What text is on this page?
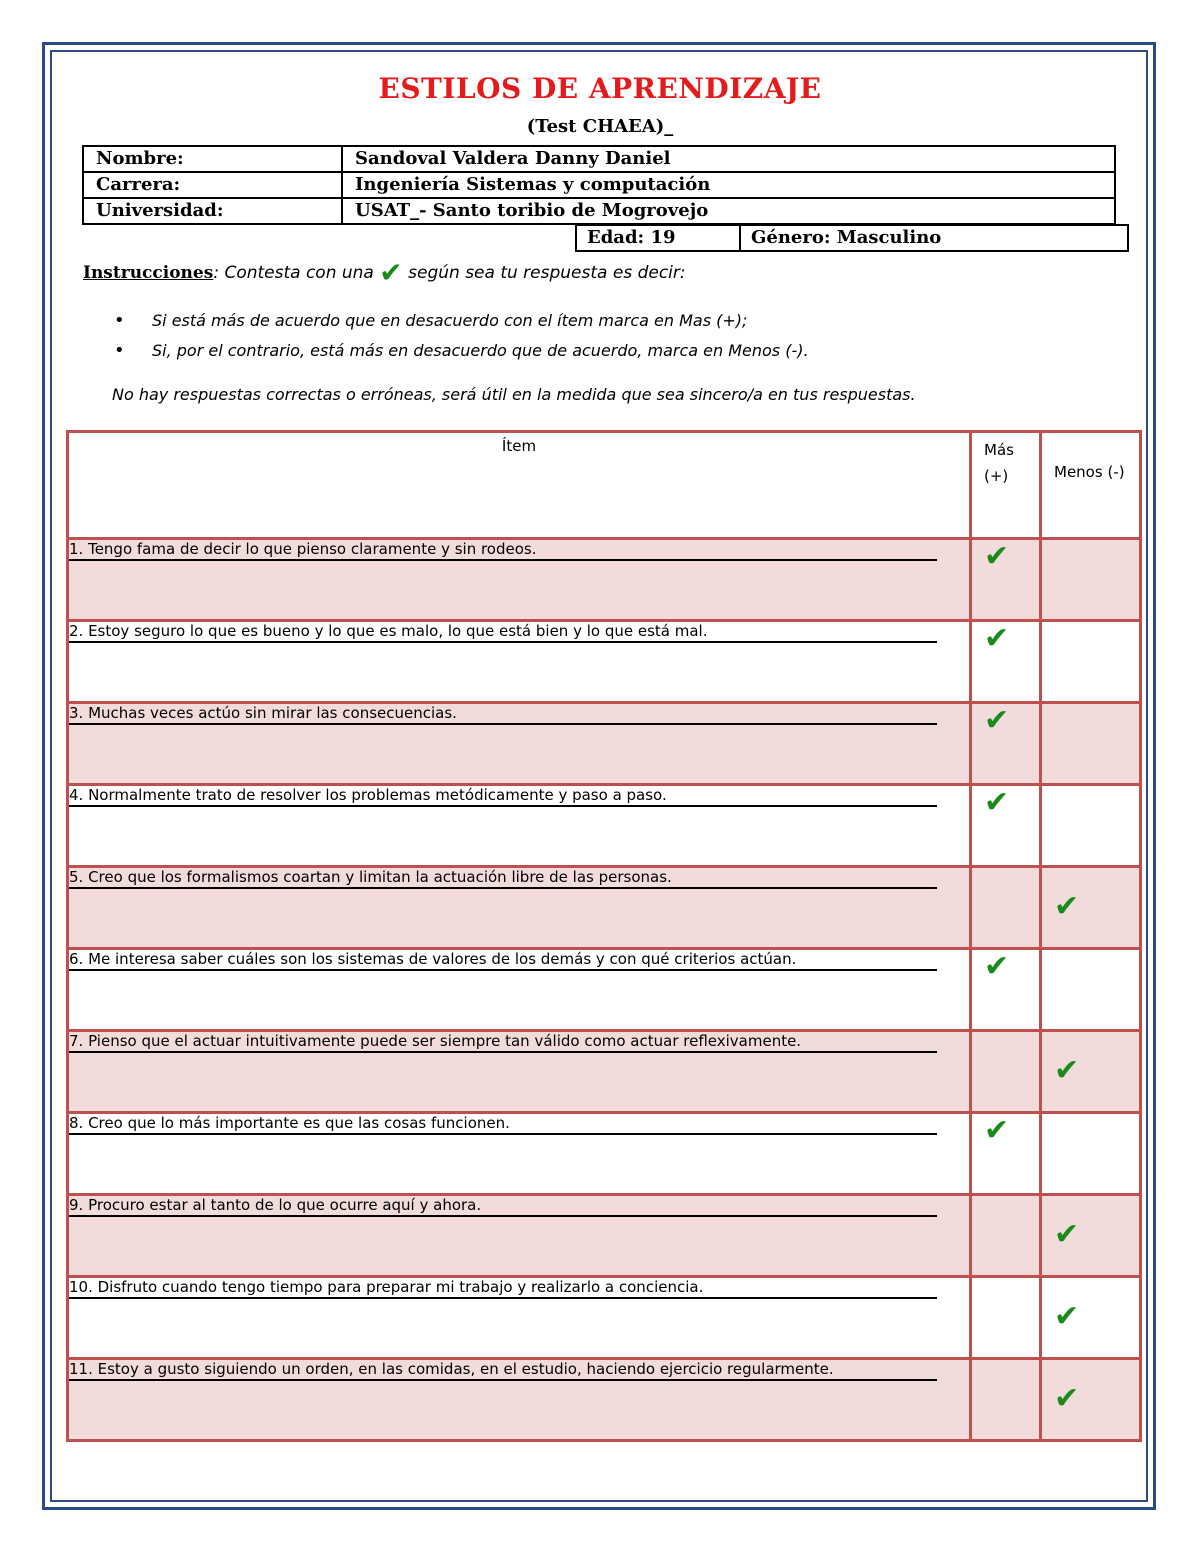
ESTILOS DE APRENDIZAJE
(Test CHAEA)_
Nombre:	Sandoval Valdera Danny Daniel
Carrera:	Ingeniería Sistemas y computación
Universidad:	USAT_- Santo toribio de Mogrovejo
Edad: 19	Género: Masculino
Instrucciones: Contesta con una ✔ según sea tu respuesta es decir:
• Si está más de acuerdo que en desacuerdo con el ítem marca en Mas (+);
• Si, por el contrario, está más en desacuerdo que de acuerdo, marca en Menos (-).
No hay respuestas correctas o erróneas, será útil en la medida que sea sincero/a en tus respuestas.
Ítem	Más (+)	Menos (-)

1. Tengo fama de decir lo que pienso claramente y sin rodeos.	✔	

2. Estoy seguro lo que es bueno y lo que es malo, lo que está bien y lo que está mal.	✔	

3. Muchas veces actúo sin mirar las consecuencias.	✔	

4. Normalmente trato de resolver los problemas metódicamente y paso a paso.	✔	

5. Creo que los formalismos coartan y limitan la actuación libre de las personas.		✔

6. Me interesa saber cuáles son los sistemas de valores de los demás y con qué criterios actúan.	✔	

7. Pienso que el actuar intuitivamente puede ser siempre tan válido como actuar reflexivamente.		✔

8. Creo que lo más importante es que las cosas funcionen.	✔	

9. Procuro estar al tanto de lo que ocurre aquí y ahora.		✔

10. Disfruto cuando tengo tiempo para preparar mi trabajo y realizarlo a conciencia.		✔

11. Estoy a gusto siguiendo un orden, en las comidas, en el estudio, haciendo ejercicio regularmente.		✔
